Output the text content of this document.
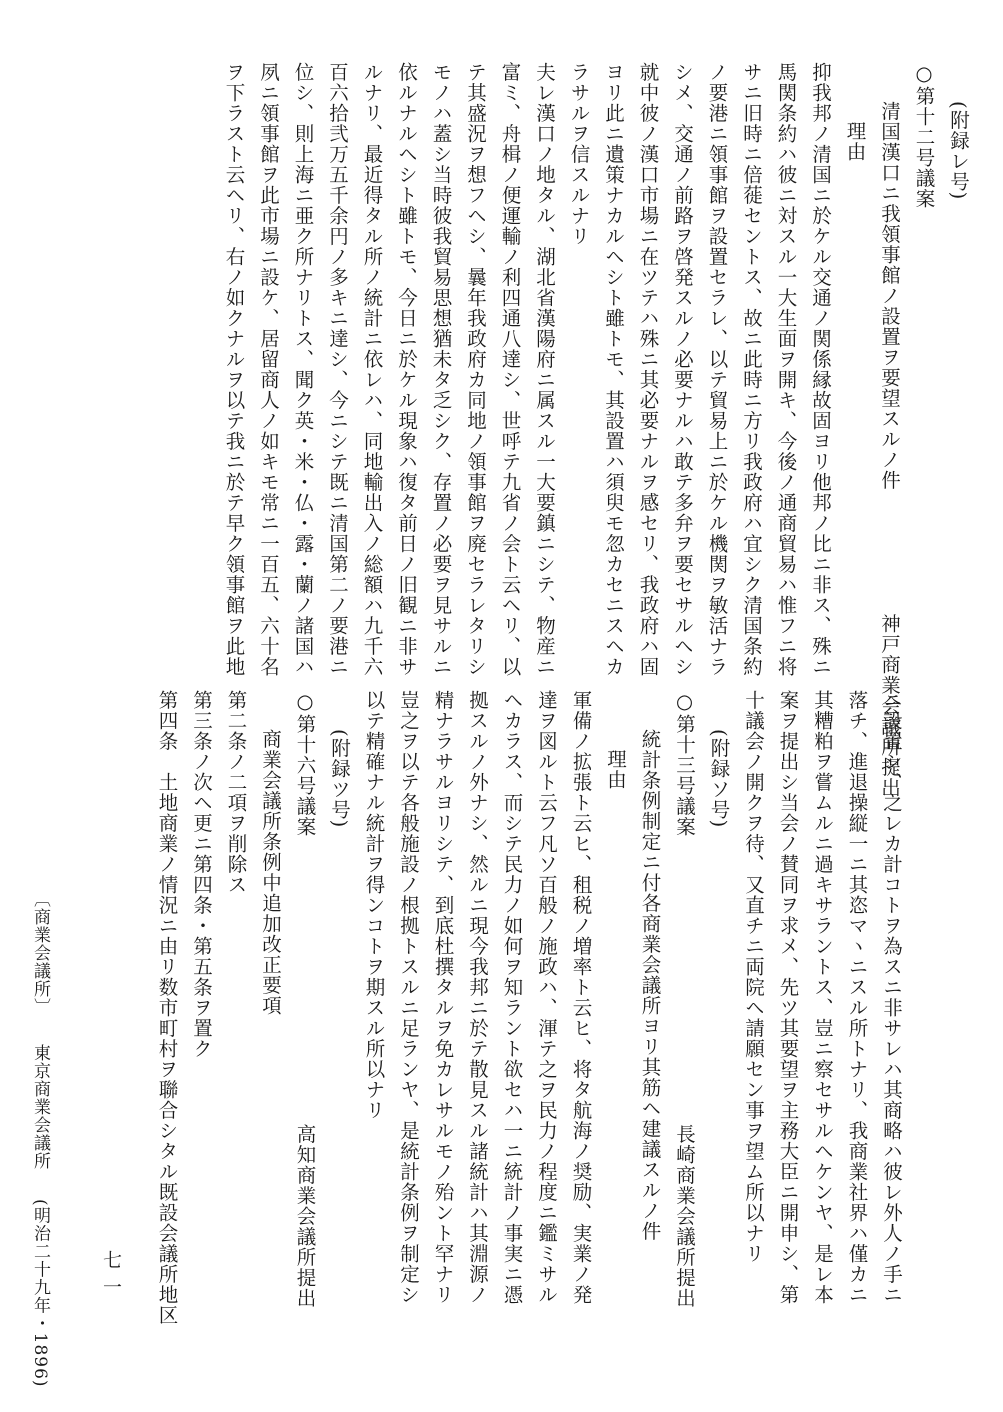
(附録レ号)
○第十二号議案
清国漢口ニ我領事館ノ設置ヲ要望スルノ件　　　　　　神戸商業会議所提出
理由
抑我邦ノ清国ニ於ケル交通ノ関係縁故固ヨリ他邦ノ比ニ非ス、殊ニ
馬関条約ハ彼ニ対スル一大生面ヲ開キ、今後ノ通商貿易ハ惟フニ将
サニ旧時ニ倍蓰セントス、故ニ此時ニ方リ我政府ハ宜シク清国条約
ノ要港ニ領事館ヲ設置セラレ、以テ貿易上ニ於ケル機関ヲ敏活ナラ
シメ、交通ノ前路ヲ啓発スルノ必要ナルハ敢テ多弁ヲ要セサルヘシ
就中彼ノ漢口市場ニ在ツテハ殊ニ其必要ナルヲ感セリ、我政府ハ固
ヨリ此ニ遺策ナカルヘシト雖トモ、其設置ハ須臾モ忽カセニスヘカ
ラサルヲ信スルナリ
夫レ漢口ノ地タル、湖北省漢陽府ニ属スル一大要鎮ニシテ、物産ニ
富ミ、舟楫ノ便運輸ノ利四通八達シ、世呼テ九省ノ会ト云ヘリ、以
テ其盛況ヲ想フヘシ、曩年我政府カ同地ノ領事館ヲ廃セラレタリシ
モノハ蓋シ当時彼我貿易思想猶未タ乏シク、存置ノ必要ヲ見サルニ
依ルナルヘシト雖トモ、今日ニ於ケル現象ハ復タ前日ノ旧観ニ非サ
ルナリ、最近得タル所ノ統計ニ依レハ、同地輸出入ノ総額ハ九千六
百六拾弐万五千余円ノ多キニ達シ、今ニシテ既ニ清国第二ノ要港ニ
位シ、則上海ニ亜ク所ナリトス、聞ク英・米・仏・露・蘭ノ諸国ハ
夙ニ領事館ヲ此市場ニ設ケ、居留商人ノ如キモ常ニ一百五、六十名
ヲ下ラスト云ヘリ、右ノ如クナルヲ以テ我ニ於テ早ク領事館ヲ此地
ニ設置シ、之レカ計コトヲ為スニ非サレハ其商略ハ彼レ外人ノ手ニ
落チ、進退操縦一ニ其恣マヽニスル所トナリ、我商業社界ハ僅カニ
其糟粕ヲ嘗ムルニ過キサラントス、豈ニ察セサルヘケンヤ、是レ本
案ヲ提出シ当会ノ賛同ヲ求メ、先ツ其要望ヲ主務大臣ニ開申シ、第
十議会ノ開クヲ待、又直チニ両院ヘ請願セン事ヲ望ム所以ナリ
(附録ソ号)
○第十三号議案　　　　　　　　　　　　　　長崎商業会議所提出
統計条例制定ニ付各商業会議所ヨリ其筋ヘ建議スルノ件
理由
軍備ノ拡張ト云ヒ、租税ノ増率ト云ヒ、将タ航海ノ奨励、実業ノ発
達ヲ図ルト云フ凡ソ百般ノ施政ハ、渾テ之ヲ民力ノ程度ニ鑑ミサル
ヘカラス、而シテ民力ノ如何ヲ知ラント欲セハ一ニ統計ノ事実ニ憑
拠スルノ外ナシ、然ルニ現今我邦ニ於テ散見スル諸統計ハ其淵源ノ
精ナラサルヨリシテ、到底杜撰タルヲ免カレサルモノ殆ント罕ナリ
豈之ヲ以テ各般施設ノ根拠トスルニ足ランヤ、是統計条例ヲ制定シ
以テ精確ナル統計ヲ得ンコトヲ期スル所以ナリ
(附録ツ号)
○第十六号議案　　　　　　　　　　　　　　高知商業会議所提出
商業会議所条例中追加改正要項
第二条ノ二項ヲ削除ス
第三条ノ次ヘ更ニ第四条・第五条ヲ置ク
第四条　土地商業ノ情況ニ由リ数市町村ヲ聯合シタル既設会議所地区
〔商業会議所〕 東京商業会議所 (明治二十九年・1896)	七一
